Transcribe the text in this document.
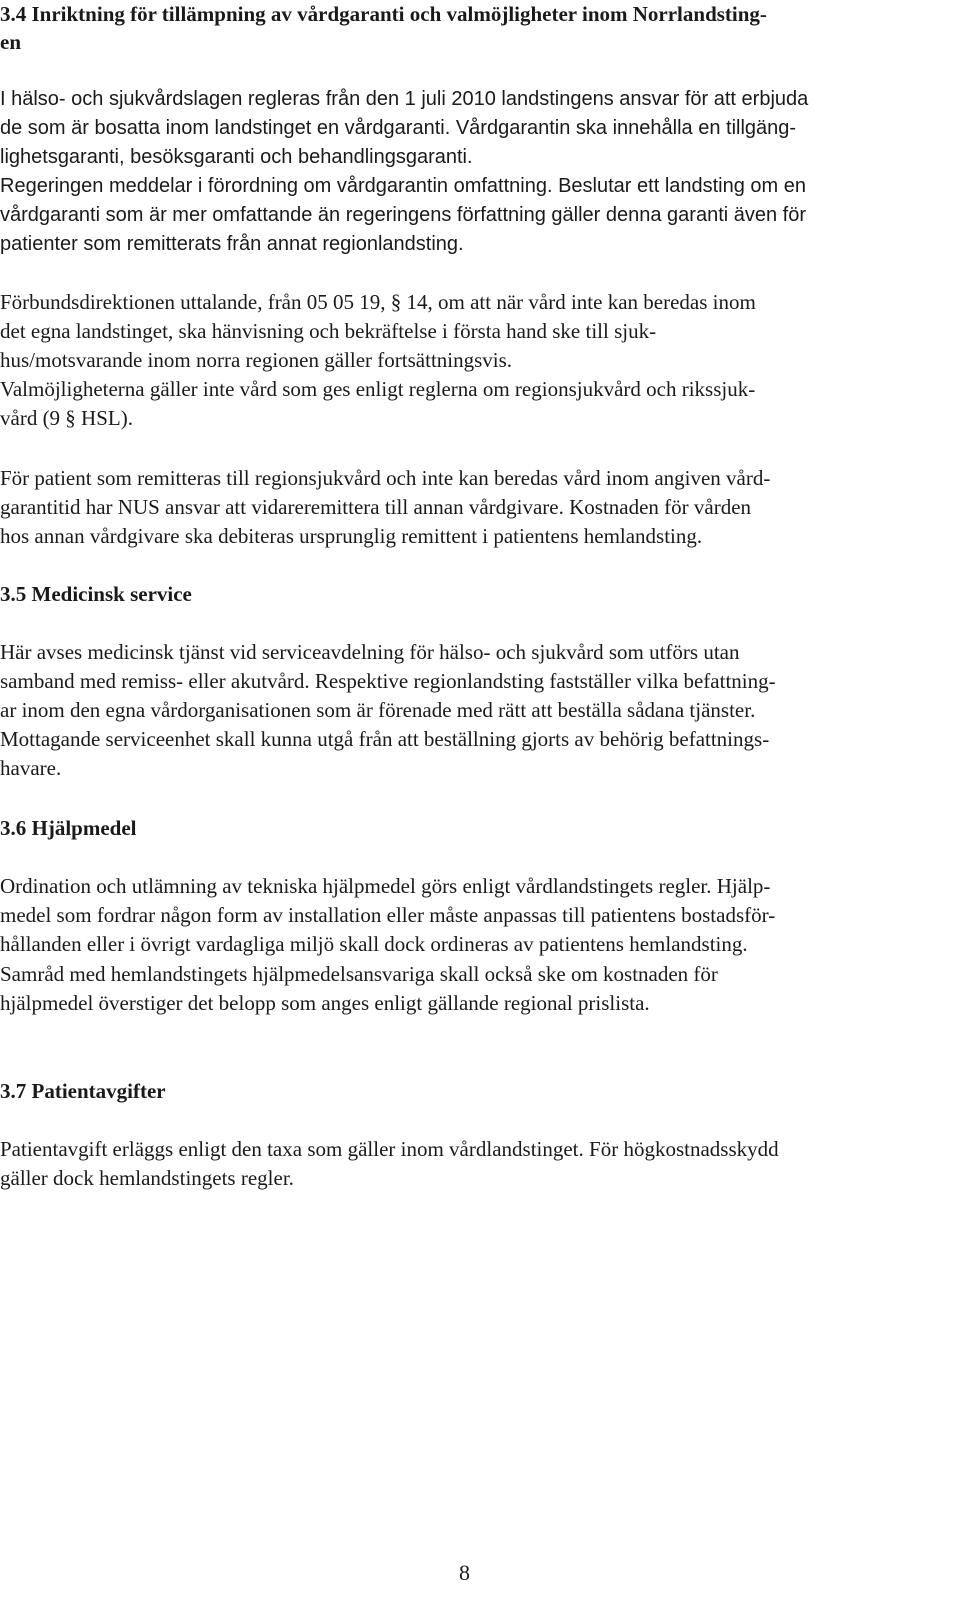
3.4 Inriktning för tillämpning av vårdgaranti och valmöjligheter inom Norrlandsting-
en
I hälso- och sjukvårdslagen regleras från den 1 juli 2010 landstingens ansvar för att erbjuda
de som är bosatta inom landstinget en vårdgaranti. Vårdgarantin ska innehålla en tillgäng-
lighetsgaranti, besöksgaranti och behandlingsgaranti.
Regeringen meddelar i förordning om vårdgarantin omfattning. Beslutar ett landsting om en
vårdgaranti som är mer omfattande än regeringens författning gäller denna garanti även för
patienter som remitterats från annat regionlandsting.
Förbundsdirektionen uttalande, från 05 05 19, § 14, om att när vård inte kan beredas inom
det egna landstinget, ska hänvisning och bekräftelse i första hand ske till sjuk-
hus/motsvarande inom norra regionen gäller fortsättningsvis.
Valmöjligheterna gäller inte vård som ges enligt reglerna om regionsjukvård och rikssjuk-
vård (9 § HSL).
För patient som remitteras till regionsjukvård och inte kan beredas vård inom angiven vård-
garantitid har NUS ansvar att vidareremittera till annan vårdgivare. Kostnaden för vården
hos annan vårdgivare ska debiteras ursprunglig remittent i patientens hemlandsting.
3.5 Medicinsk service
Här avses medicinsk tjänst vid serviceavdelning för hälso- och sjukvård som utförs utan
samband med remiss- eller akutvård. Respektive regionlandsting fastställer vilka befattning-
ar inom den egna vårdorganisationen som är förenade med rätt att beställa sådana tjänster.
Mottagande serviceenhet skall kunna utgå från att beställning gjorts av behörig befattnings-
havare.
3.6 Hjälpmedel
Ordination och utlämning av tekniska hjälpmedel görs enligt vårdlandstingets regler. Hjälp-
medel som fordrar någon form av installation eller måste anpassas till patientens bostadsför-
hållanden eller i övrigt vardagliga miljö skall dock ordineras av patientens hemlandsting.
Samråd med hemlandstingets hjälpmedelsansvariga skall också ske om kostnaden för
hjälpmedel överstiger det belopp som anges enligt gällande regional prislista.
3.7 Patientavgifter
Patientavgift erläggs enligt den taxa som gäller inom vårdlandstinget. För högkostnadsskydd
gäller dock hemlandstingets regler.
8
